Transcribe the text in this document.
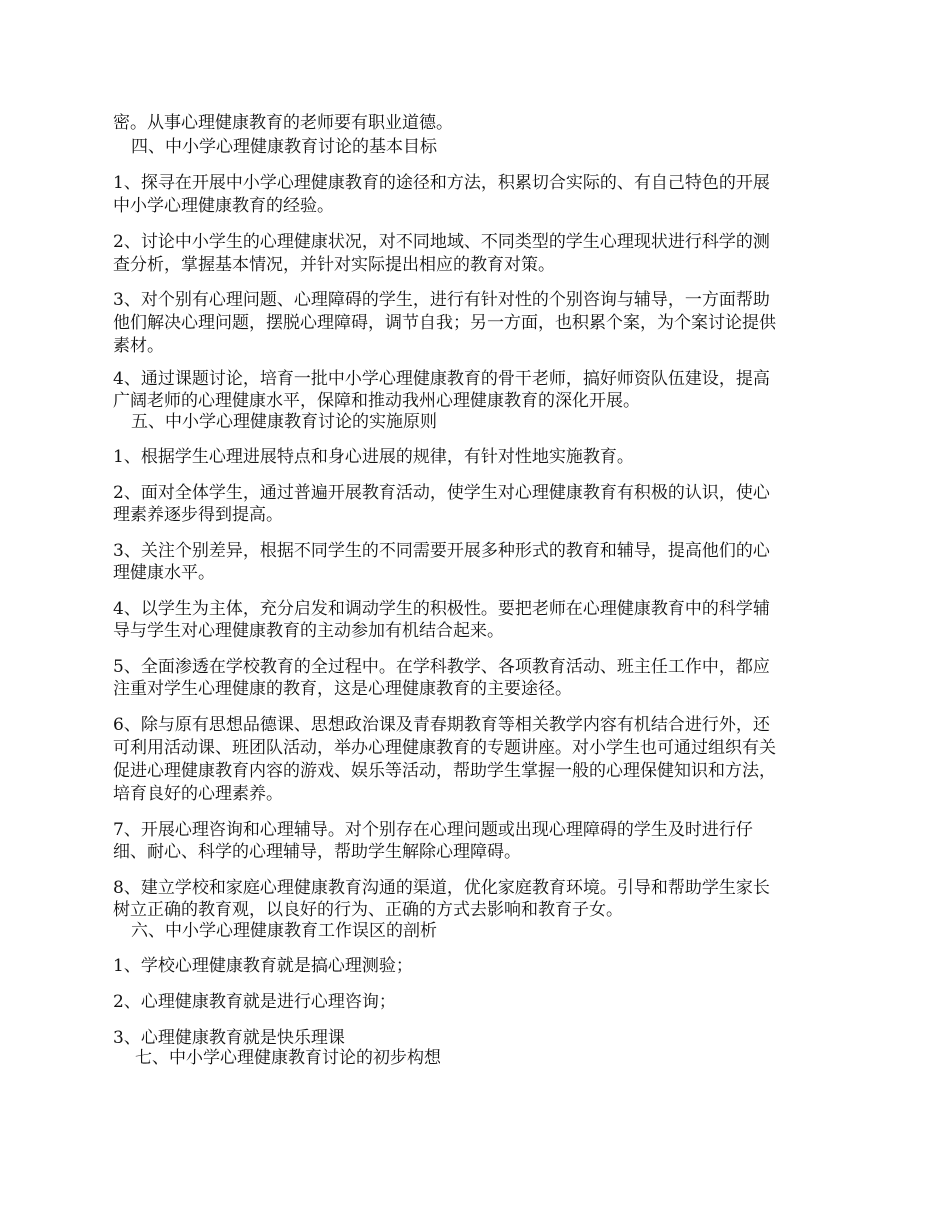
密。从事心理健康教育的老师要有职业道德。

四、中小学心理健康教育讨论的基本目标

1、探寻在开展中小学心理健康教育的途径和方法，积累切合实际的、有自己特色的开展

中小学心理健康教育的经验。

2、讨论中小学生的心理健康状况，对不同地域、不同类型的学生心理现状进行科学的测

查分析，掌握基本情况，并针对实际提出相应的教育对策。

3、对个别有心理问题、心理障碍的学生，进行有针对性的个别咨询与辅导，一方面帮助

他们解决心理问题，摆脱心理障碍，调节自我；另一方面，也积累个案，为个案讨论提供

素材。

4、通过课题讨论，培育一批中小学心理健康教育的骨干老师，搞好师资队伍建设，提高

广阔老师的心理健康水平，保障和推动我州心理健康教育的深化开展。

五、中小学心理健康教育讨论的实施原则

1、根据学生心理进展特点和身心进展的规律，有针对性地实施教育。

2、面对全体学生，通过普遍开展教育活动，使学生对心理健康教育有积极的认识，使心

理素养逐步得到提高。

3、关注个别差异，根据不同学生的不同需要开展多种形式的教育和辅导，提高他们的心

理健康水平。

4、以学生为主体，充分启发和调动学生的积极性。要把老师在心理健康教育中的科学辅

导与学生对心理健康教育的主动参加有机结合起来。

5、全面渗透在学校教育的全过程中。在学科教学、各项教育活动、班主任工作中，都应

注重对学生心理健康的教育，这是心理健康教育的主要途径。

6、除与原有思想品德课、思想政治课及青春期教育等相关教学内容有机结合进行外，还

可利用活动课、班团队活动，举办心理健康教育的专题讲座。对小学生也可通过组织有关

促进心理健康教育内容的游戏、娱乐等活动，帮助学生掌握一般的心理保健知识和方法，

培育良好的心理素养。

7、开展心理咨询和心理辅导。对个别存在心理问题或出现心理障碍的学生及时进行仔

细、耐心、科学的心理辅导，帮助学生解除心理障碍。

8、建立学校和家庭心理健康教育沟通的渠道，优化家庭教育环境。引导和帮助学生家长

树立正确的教育观，以良好的行为、正确的方式去影响和教育子女。

六、中小学心理健康教育工作误区的剖析

1、学校心理健康教育就是搞心理测验；

2、心理健康教育就是进行心理咨询；

3、心理健康教育就是快乐理课

七、中小学心理健康教育讨论的初步构想
